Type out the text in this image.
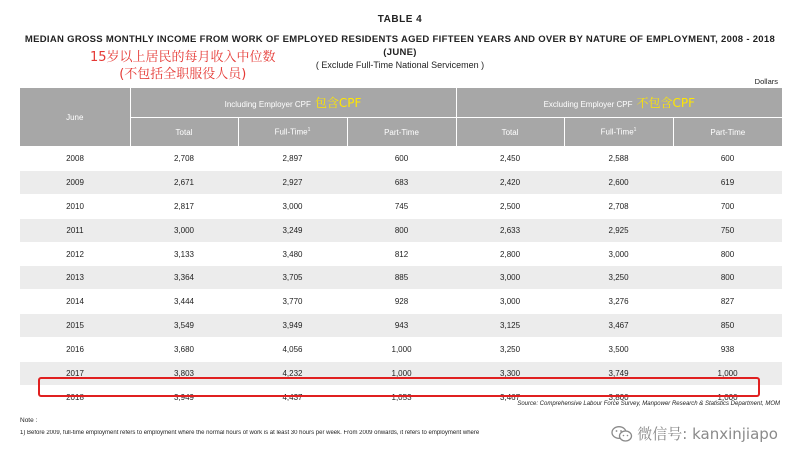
TABLE 4
MEDIAN GROSS MONTHLY INCOME FROM WORK OF EMPLOYED RESIDENTS AGED FIFTEEN YEARS AND OVER BY NATURE OF EMPLOYMENT, 2008 - 2018 (JUNE)
( Exclude Full-Time National Servicemen )
15岁以上居民的每月收入中位数
(不包括全职服役人员)	Dollars
June	Including Employer CPF 包含CPF			Excluding Employer CPF 不包含CPF		
	Total	Full-Time$^1$	Part-Time	Total	Full-Time$^1$	Part-Time
2008	2,708	2,897	600	2,450	2,588	600
2009	2,671	2,927	683	2,420	2,600	619
2010	2,817	3,000	745	2,500	2,708	700
2011	3,000	3,249	800	2,633	2,925	750
2012	3,133	3,480	812	2,800	3,000	800
2013	3,364	3,705	885	3,000	3,250	800
2014	3,444	3,770	928	3,000	3,276	827
2015	3,549	3,949	943	3,125	3,467	850
2016	3,680	4,056	1,000	3,250	3,500	938
2017	3,803	4,232	1,000	3,300	3,749	1,000
2018	3,949	4,437	1,053	3,467	3,800	1,000
Source: Comprehensive Labour Force Survey, Manpower Research & Statistics Department, MOM
Note :
1) Before 2009, full-time employment refers to employment where the normal hours of work is at least 30 hours per week. From 2009 onwards, it refers to employment where	微信号: kanxinjiapo
